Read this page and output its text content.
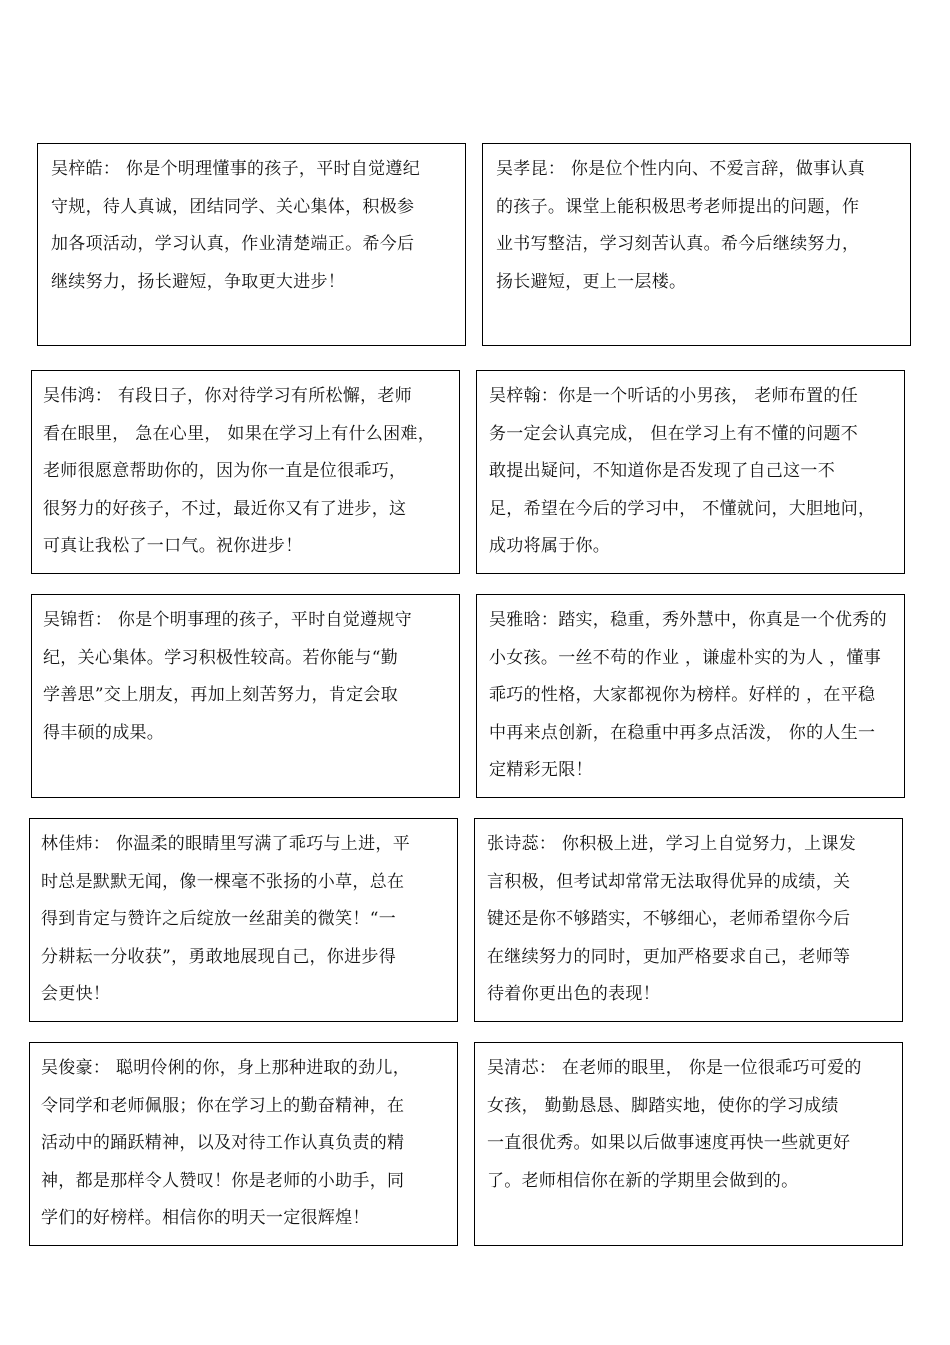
吴梓皓： 你是个明理懂事的孩子，平时自觉遵纪
守规，待人真诚，团结同学、关心集体，积极参
加各项活动，学习认真，作业清楚端正。希今后
继续努力，扬长避短，争取更大进步！

吴孝昆： 你是位个性内向、不爱言辞，做事认真
的孩子。课堂上能积极思考老师提出的问题，作
业书写整洁，学习刻苦认真。希今后继续努力，
扬长避短，更上一层楼。

吴伟鸿： 有段日子，你对待学习有所松懈，老师
看在眼里， 急在心里， 如果在学习上有什么困难，
老师很愿意帮助你的，因为你一直是位很乖巧，
很努力的好孩子，不过，最近你又有了进步，这
可真让我松了一口气。祝你进步！

吴梓翰：你是一个听话的小男孩， 老师布置的任
务一定会认真完成， 但在学习上有不懂的问题不
敢提出疑问，不知道你是否发现了自己这一不
足，希望在今后的学习中， 不懂就问，大胆地问，
成功将属于你。

吴锦哲： 你是个明事理的孩子，平时自觉遵规守
纪，关心集体。学习积极性较高。若你能与“勤
学善思”交上朋友，再加上刻苦努力，肯定会取
得丰硕的成果。

吴雅晗：踏实，稳重，秀外慧中，你真是一个优秀的
小女孩。一丝不苟的作业 ，谦虚朴实的为人 ，懂事
乖巧的性格，大家都视你为榜样。好样的 ，在平稳
中再来点创新，在稳重中再多点活泼， 你的人生一
定精彩无限！

林佳炜： 你温柔的眼睛里写满了乖巧与上进，平
时总是默默无闻，像一棵毫不张扬的小草，总在
得到肯定与赞许之后绽放一丝甜美的微笑！“一
分耕耘一分收获”，勇敢地展现自己，你进步得
会更快！

张诗蕊： 你积极上进，学习上自觉努力，上课发
言积极，但考试却常常无法取得优异的成绩，关
键还是你不够踏实，不够细心，老师希望你今后
在继续努力的同时，更加严格要求自己，老师等
待着你更出色的表现！

吴俊豪： 聪明伶俐的你，身上那种进取的劲儿，
令同学和老师佩服；你在学习上的勤奋精神，在
活动中的踊跃精神，以及对待工作认真负责的精
神，都是那样令人赞叹！你是老师的小助手，同
学们的好榜样。相信你的明天一定很辉煌！

吴清芯： 在老师的眼里， 你是一位很乖巧可爱的
女孩， 勤勤恳恳、脚踏实地，使你的学习成绩
一直很优秀。如果以后做事速度再快一些就更好
了。老师相信你在新的学期里会做到的。
